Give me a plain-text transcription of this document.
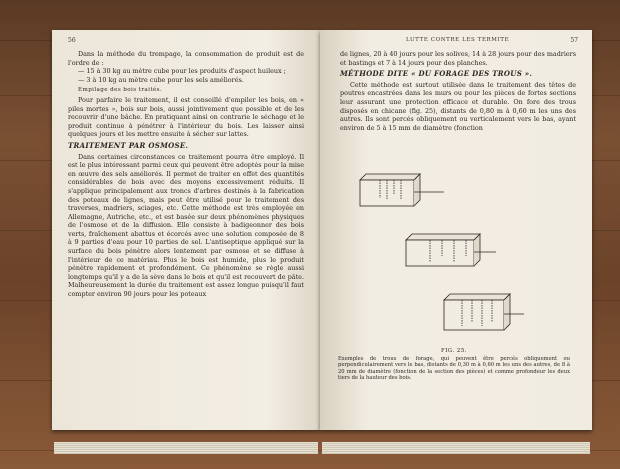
56

Dans la méthode du trempage, la consommation de produit est de l'ordre de :

— 15 à 30 kg au mètre cube pour les produits d'aspect huileux ;

— 3 à 10 kg au mètre cube pour les sels améliorés.

Empilage des bois traités.

Pour parfaire le traitement, il est conseillé d'empiler les bois, en « piles mortes », bois sur bois, aussi jointivement que possible et de les recouvrir d'une bâche. En pratiquant ainsi on contrarie le séchage et le produit continue à pénétrer à l'intérieur du bois. Les laisser ainsi quelques jours et les mettre ensuite à sécher sur lattes.

TRAITEMENT PAR OSMOSE.

Dans certaines circonstances ce traitement pourra être employé. Il est le plus intéressant parmi ceux qui peuvent être adoptés pour la mise en œuvre des sels améliorés. Il permet de traiter en effet des quantités considérables de bois avec des moyens excessivement réduits. Il s'applique principalement aux troncs d'arbres destinés à la fabrication des poteaux de lignes, mais peut être utilisé pour le traitement des traverses, madriers, sciages, etc. Cette méthode est très employée en Allemagne, Autriche, etc., et est basée sur deux phénomènes physiques de l'osmose et de la diffusion. Elle consiste à badigeonner des bois verts, fraîchement abattus et écorcés avec une solution composée de 8 à 9 parties d'eau pour 10 parties de sel. L'antiseptique appliqué sur la surface du bois pénètre alors lentement par osmose et se diffuse à l'intérieur de ce matériau. Plus le bois est humide, plus le produit pénètre rapidement et profondément. Ce phénomène se règle aussi longtemps qu'il y a de la sève dans le bois et qu'il est recouvert de pâte. Malheureusement la durée du traitement est assez longue puisqu'il faut compter environ 90 jours pour les poteaux

LUTTE CONTRE LES TERMITE	57

de lignes, 20 à 40 jours pour les solives, 14 à 28 jours pour des madriers et bastings et 7 à 14 jours pour des planches.

MÉTHODE DITE « DU FORAGE DES TROUS ».

Cette méthode est surtout utilisée dans le traitement des têtes de poutres encastrées dans les murs ou pour les pièces de fortes sections leur assurant une protection efficace et durable. On fore des trous disposés en chicane (fig. 25), distants de 0,80 m à 0,60 m les uns des autres. Ils sont percés obliquement ou verticalement vers le bas, ayant environ de 5 à 15 mm de diamètre (fonction

FIG. 25.
Exemples de trous de forage, qui peuvent être percés obliquement ou perpendiculairement vers le bas, distants de 0,30 m à 0,60 m les uns des autres, de 8 à 20 mm de diamètre (fonction de la section des pièces) et comme profondeur les deux tiers de la hauteur des bois.
